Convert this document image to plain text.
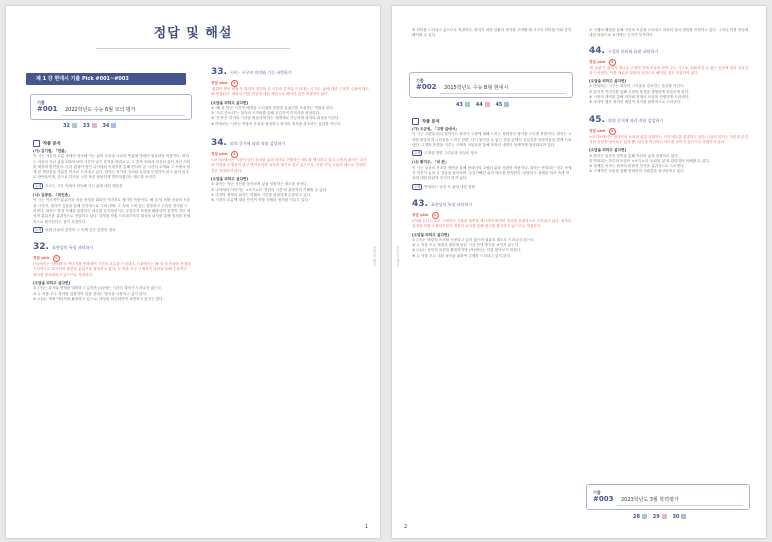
정답 및 해설
제 1 강 현대시 기출 Pick #001~#003
기출
#001 2022학년도 수능 6월 모의 평가
32	33	34
작품 분석
(가) 김기림, 「연륜」
이 시는 시간의 흐름 속에서 성숙해 가는 삶의 모습을 나무의 연륜에 빗대어 형상화한 작품이다. 화자는 자신의 지난 삶을 되돌아보며 시간이 남긴 흔적을 바라보고, 그 흔적 속에서 자신의 삶이 지닌 의미를 새롭게 발견한다. 특히 겹겹이 쌓인 나이테의 이미지를 통해 견디어 온 시간의 무게와 그 속에서 얻게 된 깨달음을 차분한 어조로 드러내고 있다. 화자는 과거의 상처와 슬픔을 부정하지 않고 삶의 일부로 받아들이며, 앞으로 다가올 시간 또한 담담하게 맞이하겠다는 태도를 보인다.
주제 흐르는 시간 속에서 성숙해 가는 삶에 대한 깨달음
(나) 김광균, 「외인촌」
이 시는 이국적인 분위기의 마을 풍경을 회화적 이미지로 제시한 작품이다. 해 질 녘 외딴 마을의 모습을 시각적, 청각적 심상을 통해 감각적으로 그려 내며, 그 속에 스며 있는 쓸쓸하고 고독한 정서를 드러낸다. 화자는 풍경 자체를 관찰하는 태도를 유지하면서도 공감각적 표현을 활용하여 풍경이 지닌 애상적 분위기를 효과적으로 전달하고 있다. 감정을 직접 드러내기보다 대상의 묘사를 통해 정서를 간접적으로 환기한다는 점이 특징이다.
주제 외딴 마을의 풍경과 그 속에 깃든 쓸쓸한 정서
32. 표현상의 특징 파악하기
정답 pick ①
(가)에서는 '나이테'의 이미지를 반복하여 시간의 흐름을 드러내고, (나)에서는 해 질 녘 마을의 풍경을 시각적으로 묘사하여 쓸쓸한 분위기를 형성하고 있다. 두 작품 모두 구체적인 대상을 통해 추상적인 정서를 형상화하고 있으므로 적절하다.
[오답을 피하고 싶다면]
② (가)는 과거와 현재를 대비하고 있지만 (나)에는 시간의 대비가 드러나지 않는다.
③ 두 작품 모두 청자를 설정하여 말을 건네는 방식을 사용하고 있지 않다.
④ (나)는 색채 이미지를 활용하고 있으나, 대상을 의인화하여 표현하고 있지는 않다.
33. 시어 · 시구의 의미와 기능 파악하기
정답 pick ④
'겹겹이 쌓인 세월'은 화자가 견디어 온 시간의 흔적을 드러내는 시구로, 삶에 대한 긍정적 수용의 태도와 연결된다. 따라서 이를 현실에 대한 체념으로 해석한 것은 적절하지 않다.
[오답을 피하고 싶다면]
① '해 질 녘'은 시간적 배경을 드러내며 쓸쓸한 분위기를 조성하는 역할을 한다.
② '푸른 종소리'는 청각의 시각화를 통해 공감각적 이미지를 형성한다.
③ '흔적'은 과거의 시간을 떠올리게 하는 매개체로 기능하며 화자의 회상을 이끈다.
⑤ 반복되는 시어는 작품의 운율을 형성하고 화자의 정서를 강조하는 효과를 지닌다.
34. 외적 준거에 따라 작품 감상하기
정답 pick ③
<보기>에서는 시간이 남긴 상처를 삶의 의미로 전환하는 태도를 제시하고 있다. (가)의 화자는 과거의 아픔을 부정하지 않고 받아들이며 성숙의 계기로 삼고 있으므로, 이를 현실 도피의 태도로 감상한 것은 적절하지 않다.
[오답을 피하고 싶다면]
① 화자는 지난 시간을 돌아보며 삶을 성찰하는 태도를 보인다.
② 나이테의 이미지는 <보기>의 '견딤의 시간'과 관련지어 이해할 수 있다.
④ 마지막 연에서 화자는 미래의 시간을 담담하게 수용하고 있다.
⑤ 시간의 흐름에 대한 인식이 작품 전체의 정서를 이끌고 있다.
정답 및 해설
1
⑤ 의미를 드러내고 있으므로 적절하다. 화자가 처한 상황과 정서를 고려할 때 시구의 의미를 이와 같이 해석할 수 있다.
기출
#002 2015학년도 수능 B형 현대시
43	44	45
작품 분석
(가) 오규원, 「고향 앞에서」
이 시는 고향을 떠나 살아가는 화자가 고향에 대해 느끼는 복합적인 정서를 드러낸 작품이다. 화자는 고향을 떠올리며 그리움을 느끼는 한편, 다시 돌아갈 수 없는 현실 앞에서 상실감과 안타까움을 함께 드러낸다. 고향의 풍경을 이루는 구체적 사물들을 통해 화자의 내면이 섬세하게 형상화되어 있다.
주제 고향을 향한 그리움과 상실의 정서
(나) 황지우, 「비 판」
이 시는 일상의 사소한 장면을 통해 현대인의 고립된 삶을 성찰한 작품이다. 화자는 반복되는 하루 속에서 자신이 놓쳐 온 것들을 돌아보며, 무감각해진 삶의 태도를 반성한다. 담담하고 절제된 어조 속에 현실에 대한 비판적 인식이 담겨 있다.
주제 반복되는 일상 속 삶에 대한 성찰
43. 표현상의 특징 파악하기
정답 pick ②
(가)와 (나)는 모두 구체적인 사물과 장면을 제시하여 화자의 정서를 간접적으로 드러내고 있다. 화자의 감정을 직접 노출하기보다 대상의 묘사를 통해 정서를 환기하고 있으므로 적절하다.
[오답을 피하고 싶다면]
① (가)는 명령형 어조를 사용하고 있지 않으며 권유의 태도도 드러나지 않는다.
③ 두 작품 모두 계절의 변화에 따른 시상 전개 방식을 보이지 않는다.
④ (나)는 설의적 표현을 활용하지만 (가)에서는 이를 찾아보기 어렵다.
⑤ 두 작품 모두 대화 형식을 취하여 주제를 드러내고 있지 않다.
① 시행의 배열을 통해 시간의 흐름을 드러내고 화자의 정서 변화를 표현하고 있다. 그러나 이를 현실에 대한 비판으로 보기에는 근거가 부족하다.
44. 구절의 의미와 표현 파악하기
정답 pick ③
'빈 들판'은 화자가 떠나온 고향의 현재 모습을 보여 주는 시구로, 되돌아갈 수 없는 공간에 대한 상실감을 드러낸다. 이를 새로운 희망의 공간으로 해석한 것은 적절하지 않다.
[오답을 피하고 싶다면]
① 반복되는 시구는 화자의 그리움을 강조하는 효과를 지닌다.
② 감각적 이미지를 통해 고향의 풍경을 생생하게 떠올리게 한다.
④ 시어의 대비를 통해 과거와 현재의 모습을 선명하게 드러낸다.
⑤ 마지막 행은 화자의 체념적 정서를 함축적으로 드러낸다.
45. 외적 준거에 따라 작품 감상하기
정답 pick ⑤
<보기>에서는 현대인의 소외된 삶을 성찰하는 시적 태도를 설명하고 있다. (나)의 화자는 자신의 무감각한 일상을 돌아보고 있을 뿐, 타인을 비난하는 태도를 보이지 않으므로 적절하지 않다.
[오답을 피하고 싶다면]
① 화자는 일상의 장면을 통해 자신의 삶을 성찰하고 있다.
② 반복되는 하루의 모습은 <보기>의 '소외된 삶'과 관련지어 이해할 수 있다.
③ 절제된 어조는 화자의 비판적 인식을 효과적으로 드러낸다.
④ 구체적인 사물을 통해 현대인의 고립감을 형상화하고 있다.
기출
#003 2023학년도 3월 학력평가
28	29	30
정답 및 해설
2
